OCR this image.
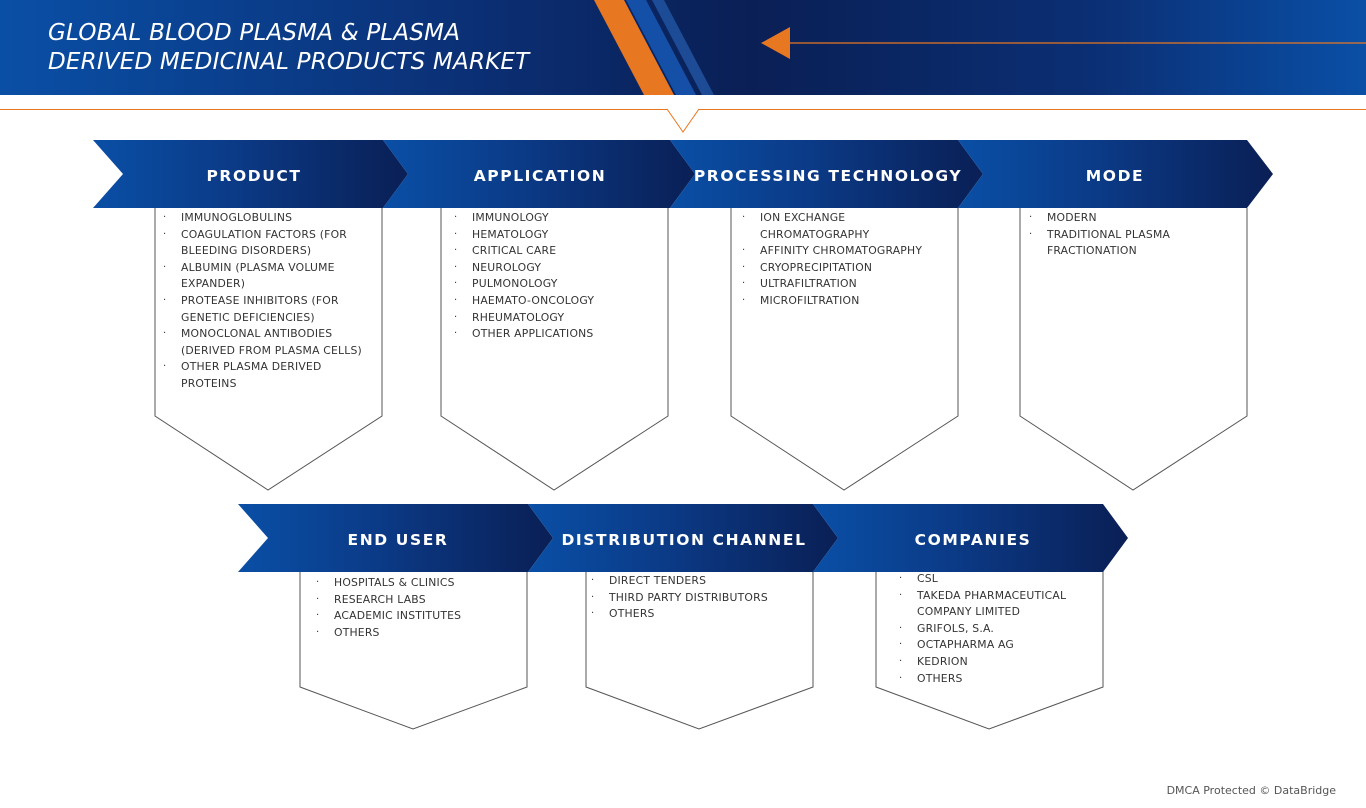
GLOBAL BLOOD PLASMA & PLASMA
DERIVED MEDICINAL PRODUCTS MARKET
PRODUCT	APPLICATION	PROCESSING TECHNOLOGY	MODE
END USER	DISTRIBUTION CHANNEL	COMPANIES
· IMMUNOGLOBULINS
· COAGULATION FACTORS (FOR BLEEDING DISORDERS)
· ALBUMIN (PLASMA VOLUME EXPANDER)
· PROTEASE INHIBITORS (FOR GENETIC DEFICIENCIES)
· MONOCLONAL ANTIBODIES (DERIVED FROM PLASMA CELLS)
· OTHER PLASMA DERIVED PROTEINS
· IMMUNOLOGY
· HEMATOLOGY
· CRITICAL CARE
· NEUROLOGY
· PULMONOLOGY
· HAEMATO-ONCOLOGY
· RHEUMATOLOGY
· OTHER APPLICATIONS
· ION EXCHANGE CHROMATOGRAPHY
· AFFINITY CHROMATOGRAPHY
· CRYOPRECIPITATION
· ULTRAFILTRATION
· MICROFILTRATION
· MODERN
· TRADITIONAL PLASMA FRACTIONATION
· HOSPITALS & CLINICS
· RESEARCH LABS
· ACADEMIC INSTITUTES
· OTHERS
· DIRECT TENDERS
· THIRD PARTY DISTRIBUTORS
· OTHERS
· CSL
· TAKEDA PHARMACEUTICAL COMPANY LIMITED
· GRIFOLS, S.A.
· OCTAPHARMA AG
· KEDRION
· OTHERS
DMCA Protected © DataBridge
